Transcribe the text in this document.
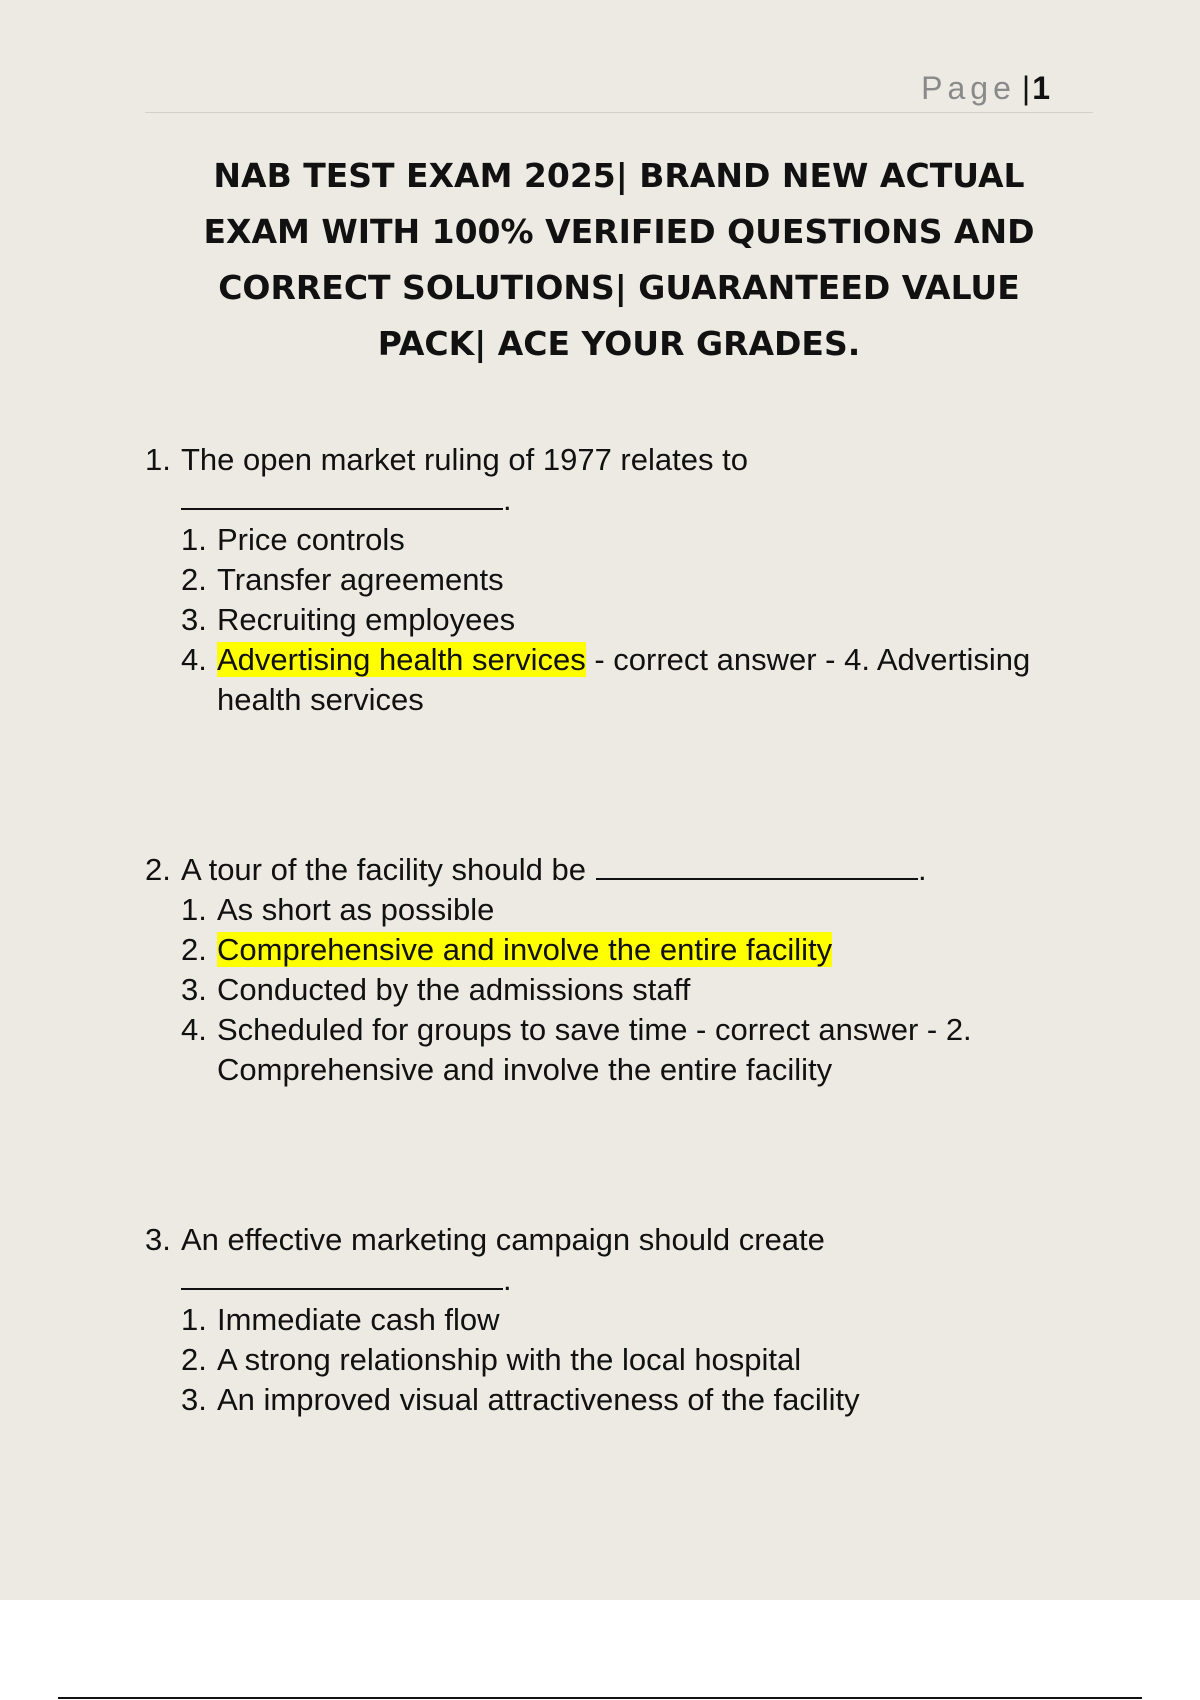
Page |1
NAB TEST EXAM 2025| BRAND NEW ACTUAL
EXAM WITH 100% VERIFIED QUESTIONS AND
CORRECT SOLUTIONS| GUARANTEED VALUE
PACK| ACE YOUR GRADES.
1. The open market ruling of 1977 relates to
.
1. Price controls
2. Transfer agreements
3. Recruiting employees
4. Advertising health services - correct answer - 4. Advertising
health services
2. A tour of the facility should be	.
1. As short as possible
2. Comprehensive and involve the entire facility
3. Conducted by the admissions staff
4. Scheduled for groups to save time - correct answer - 2.
Comprehensive and involve the entire facility
3. An effective marketing campaign should create
.
1. Immediate cash flow
2. A strong relationship with the local hospital
3. An improved visual attractiveness of the facility
